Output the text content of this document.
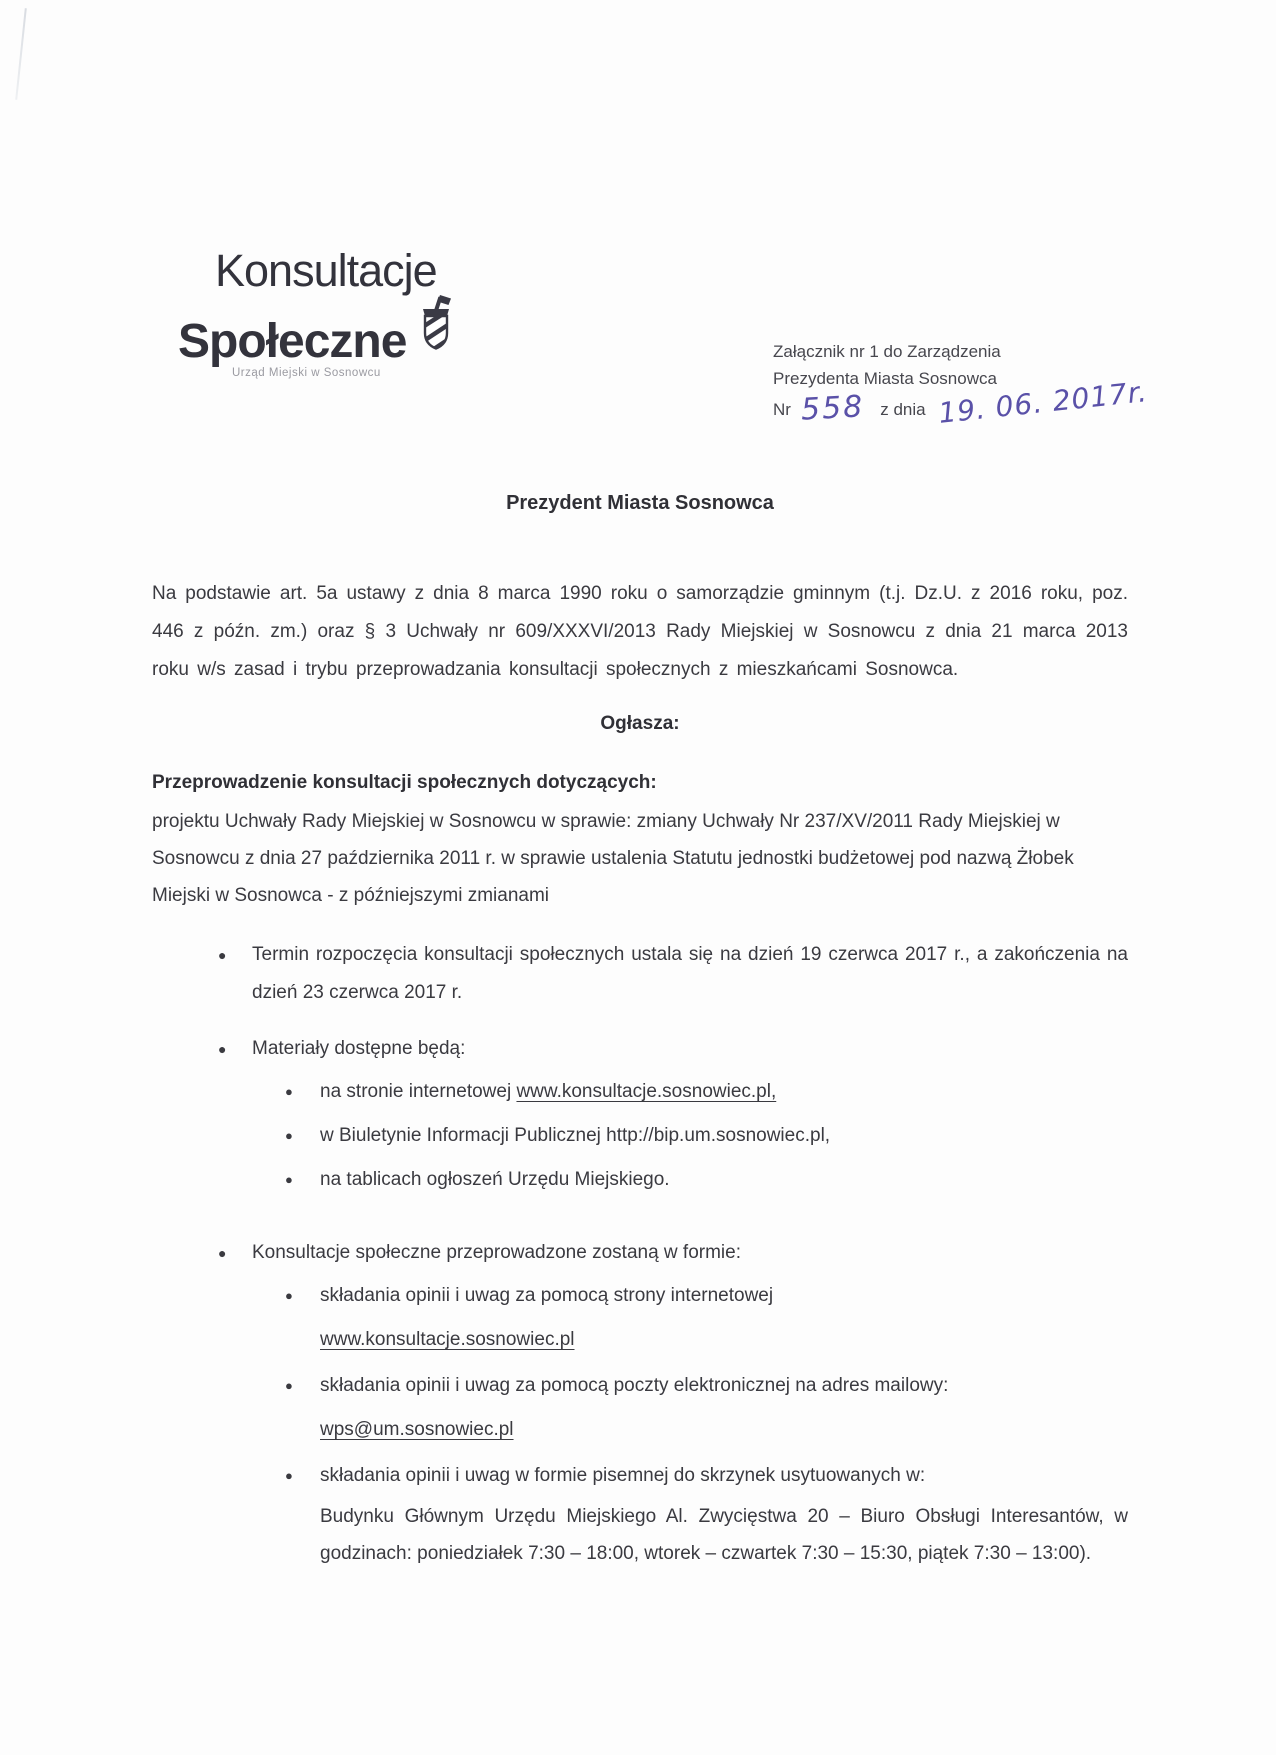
Konsultacje
Społeczne
Urząd Miejski w Sosnowcu
Załącznik nr 1 do Zarządzenia
Prezydenta Miasta Sosnowca
Nr 558 z dnia 19. 06. 2017r.
Prezydent Miasta Sosnowca

Na podstawie art. 5a ustawy z dnia 8 marca 1990 roku o samorządzie gminnym (t.j. Dz.U. z 2016 roku, poz. 446 z późn. zm.) oraz § 3 Uchwały nr 609/XXXVI/2013 Rady Miejskiej w Sosnowcu z dnia 21 marca 2013 roku w/s zasad i trybu przeprowadzania konsultacji społecznych z mieszkańcami Sosnowca.

Ogłasza:
Przeprowadzenie konsultacji społecznych dotyczących:

projektu Uchwały Rady Miejskiej w Sosnowcu w sprawie: zmiany Uchwały Nr 237/XV/2011 Rady Miejskiej w Sosnowcu z dnia 27 października 2011 r. w sprawie ustalenia Statutu jednostki budżetowej pod nazwą Żłobek Miejski w Sosnowca - z późniejszymi zmianami

●	Termin rozpoczęcia konsultacji społecznych ustala się na dzień 19 czerwca 2017 r., a zakończenia na dzień 23 czerwca 2017 r.

●	Materiały dostępne będą:

●	na stronie internetowej www.konsultacje.sosnowiec.pl,
●	w Biuletynie Informacji Publicznej http://bip.um.sosnowiec.pl,
●	na tablicach ogłoszeń Urzędu Miejskiego.
●	Konsultacje społeczne przeprowadzone zostaną w formie:

●	składania opinii i uwag za pomocą strony internetowej
www.konsultacje.sosnowiec.pl
●	składania opinii i uwag za pomocą poczty elektronicznej na adres mailowy:
wps@um.sosnowiec.pl
●	składania opinii i uwag w formie pisemnej do skrzynek usytuowanych w:
Budynku Głównym Urzędu Miejskiego Al. Zwycięstwa 20 – Biuro Obsługi Interesantów, w godzinach: poniedziałek 7:30 – 18:00, wtorek – czwartek 7:30 – 15:30, piątek 7:30 – 13:00).
